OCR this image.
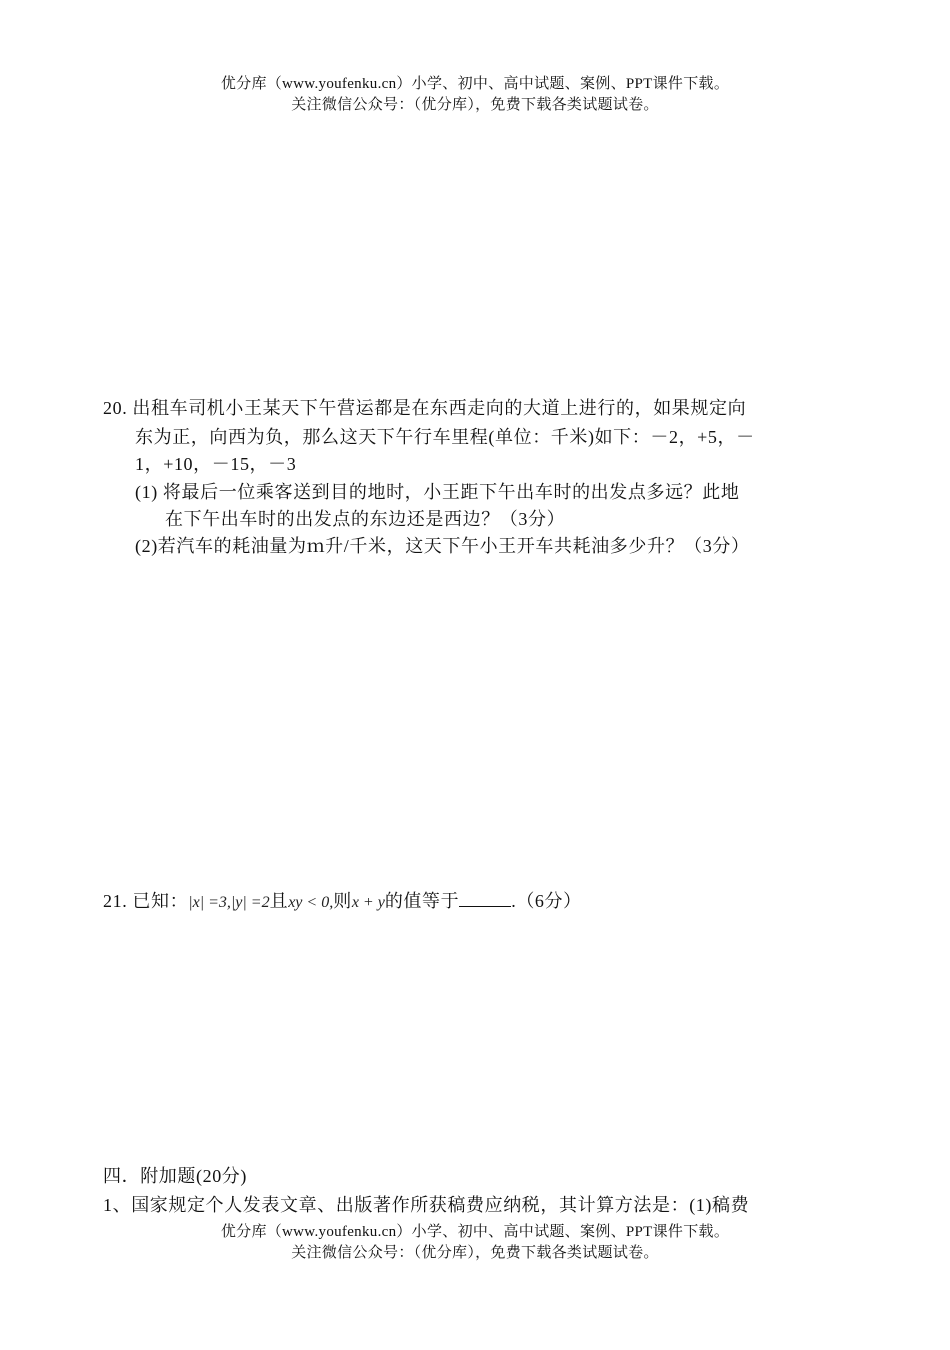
优分库（www.youfenku.cn）小学、初中、高中试题、案例、PPT课件下载。
关注微信公众号：（优分库），免费下载各类试题试卷。
20. 出租车司机小王某天下午营运都是在东西走向的大道上进行的，如果规定向
东为正，向西为负，那么这天下午行车里程(单位：千米)如下：－2，+5，－
1，+10，－15，－3
(1) 将最后一位乘客送到目的地时，小王距下午出车时的出发点多远？此地
在下午出车时的出发点的东边还是西边？（3分）
(2)若汽车的耗油量为ｍ升/千米，这天下午小王开车共耗油多少升？（3分）
21. 已知：|x| =3,|y| =2且xy < 0,则x + y的值等于	.（6分）
四．附加题(20分)
1、国家规定个人发表文章、出版著作所获稿费应纳税，其计算方法是：(1)稿费
优分库（www.youfenku.cn）小学、初中、高中试题、案例、PPT课件下载。
关注微信公众号：（优分库），免费下载各类试题试卷。
